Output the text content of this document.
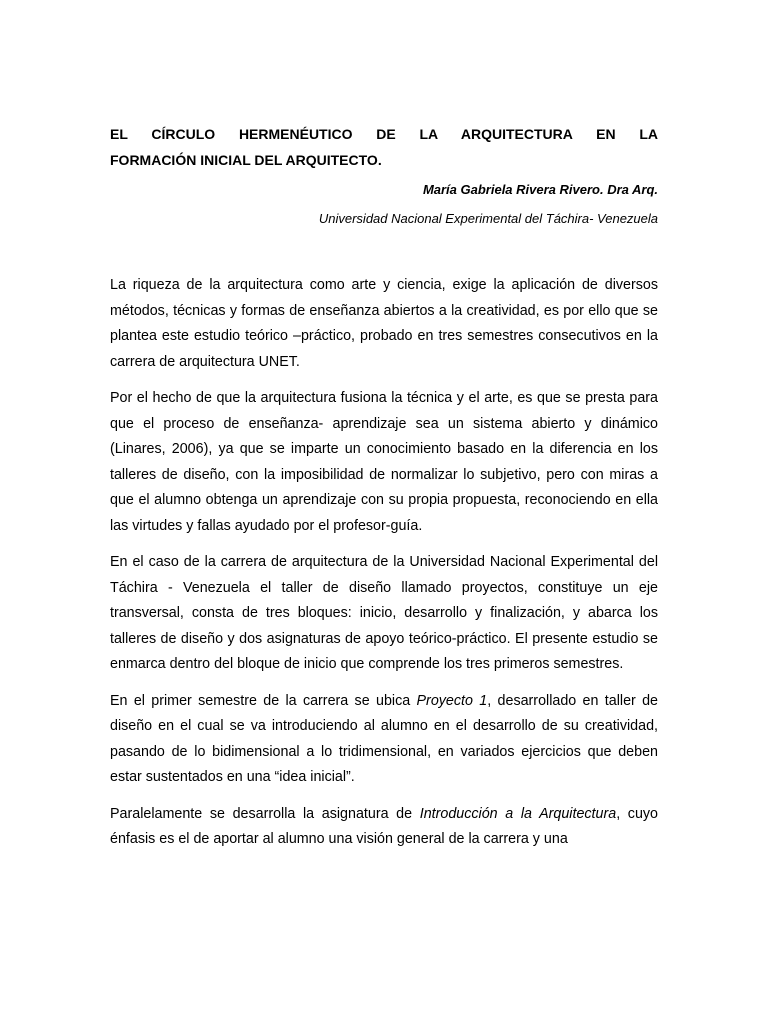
EL CÍRCULO HERMENÉUTICO DE LA ARQUITECTURA EN LA
FORMACIÓN INICIAL DEL ARQUITECTO.

María Gabriela Rivera Rivero. Dra Arq.

Universidad Nacional Experimental del Táchira- Venezuela

La riqueza de la arquitectura como arte y ciencia, exige la aplicación de diversos métodos, técnicas y formas de enseñanza abiertos a la creatividad, es por ello que se plantea este estudio teórico –práctico, probado en tres semestres consecutivos en la carrera de arquitectura UNET.

Por el hecho de que la arquitectura fusiona la técnica y el arte, es que se presta para que el proceso de enseñanza- aprendizaje sea un sistema abierto y dinámico (Linares, 2006), ya que se imparte un conocimiento basado en la diferencia en los talleres de diseño, con la imposibilidad de normalizar lo subjetivo, pero con miras a que el alumno obtenga un aprendizaje con su propia propuesta, reconociendo en ella las virtudes y fallas ayudado por el profesor-guía.

En el caso de la carrera de arquitectura de la Universidad Nacional Experimental del Táchira - Venezuela el taller de diseño llamado proyectos, constituye un eje transversal, consta de tres bloques: inicio, desarrollo y finalización, y abarca los talleres de diseño y dos asignaturas de apoyo teórico-práctico. El presente estudio se enmarca dentro del bloque de inicio que comprende los tres primeros semestres.

En el primer semestre de la carrera se ubica Proyecto 1, desarrollado en taller de diseño en el cual se va introduciendo al alumno en el desarrollo de su creatividad, pasando de lo bidimensional a lo tridimensional, en variados ejercicios que deben estar sustentados en una “idea inicial”.

Paralelamente se desarrolla la asignatura de Introducción a la Arquitectura, cuyo énfasis es el de aportar al alumno una visión general de la carrera y una
